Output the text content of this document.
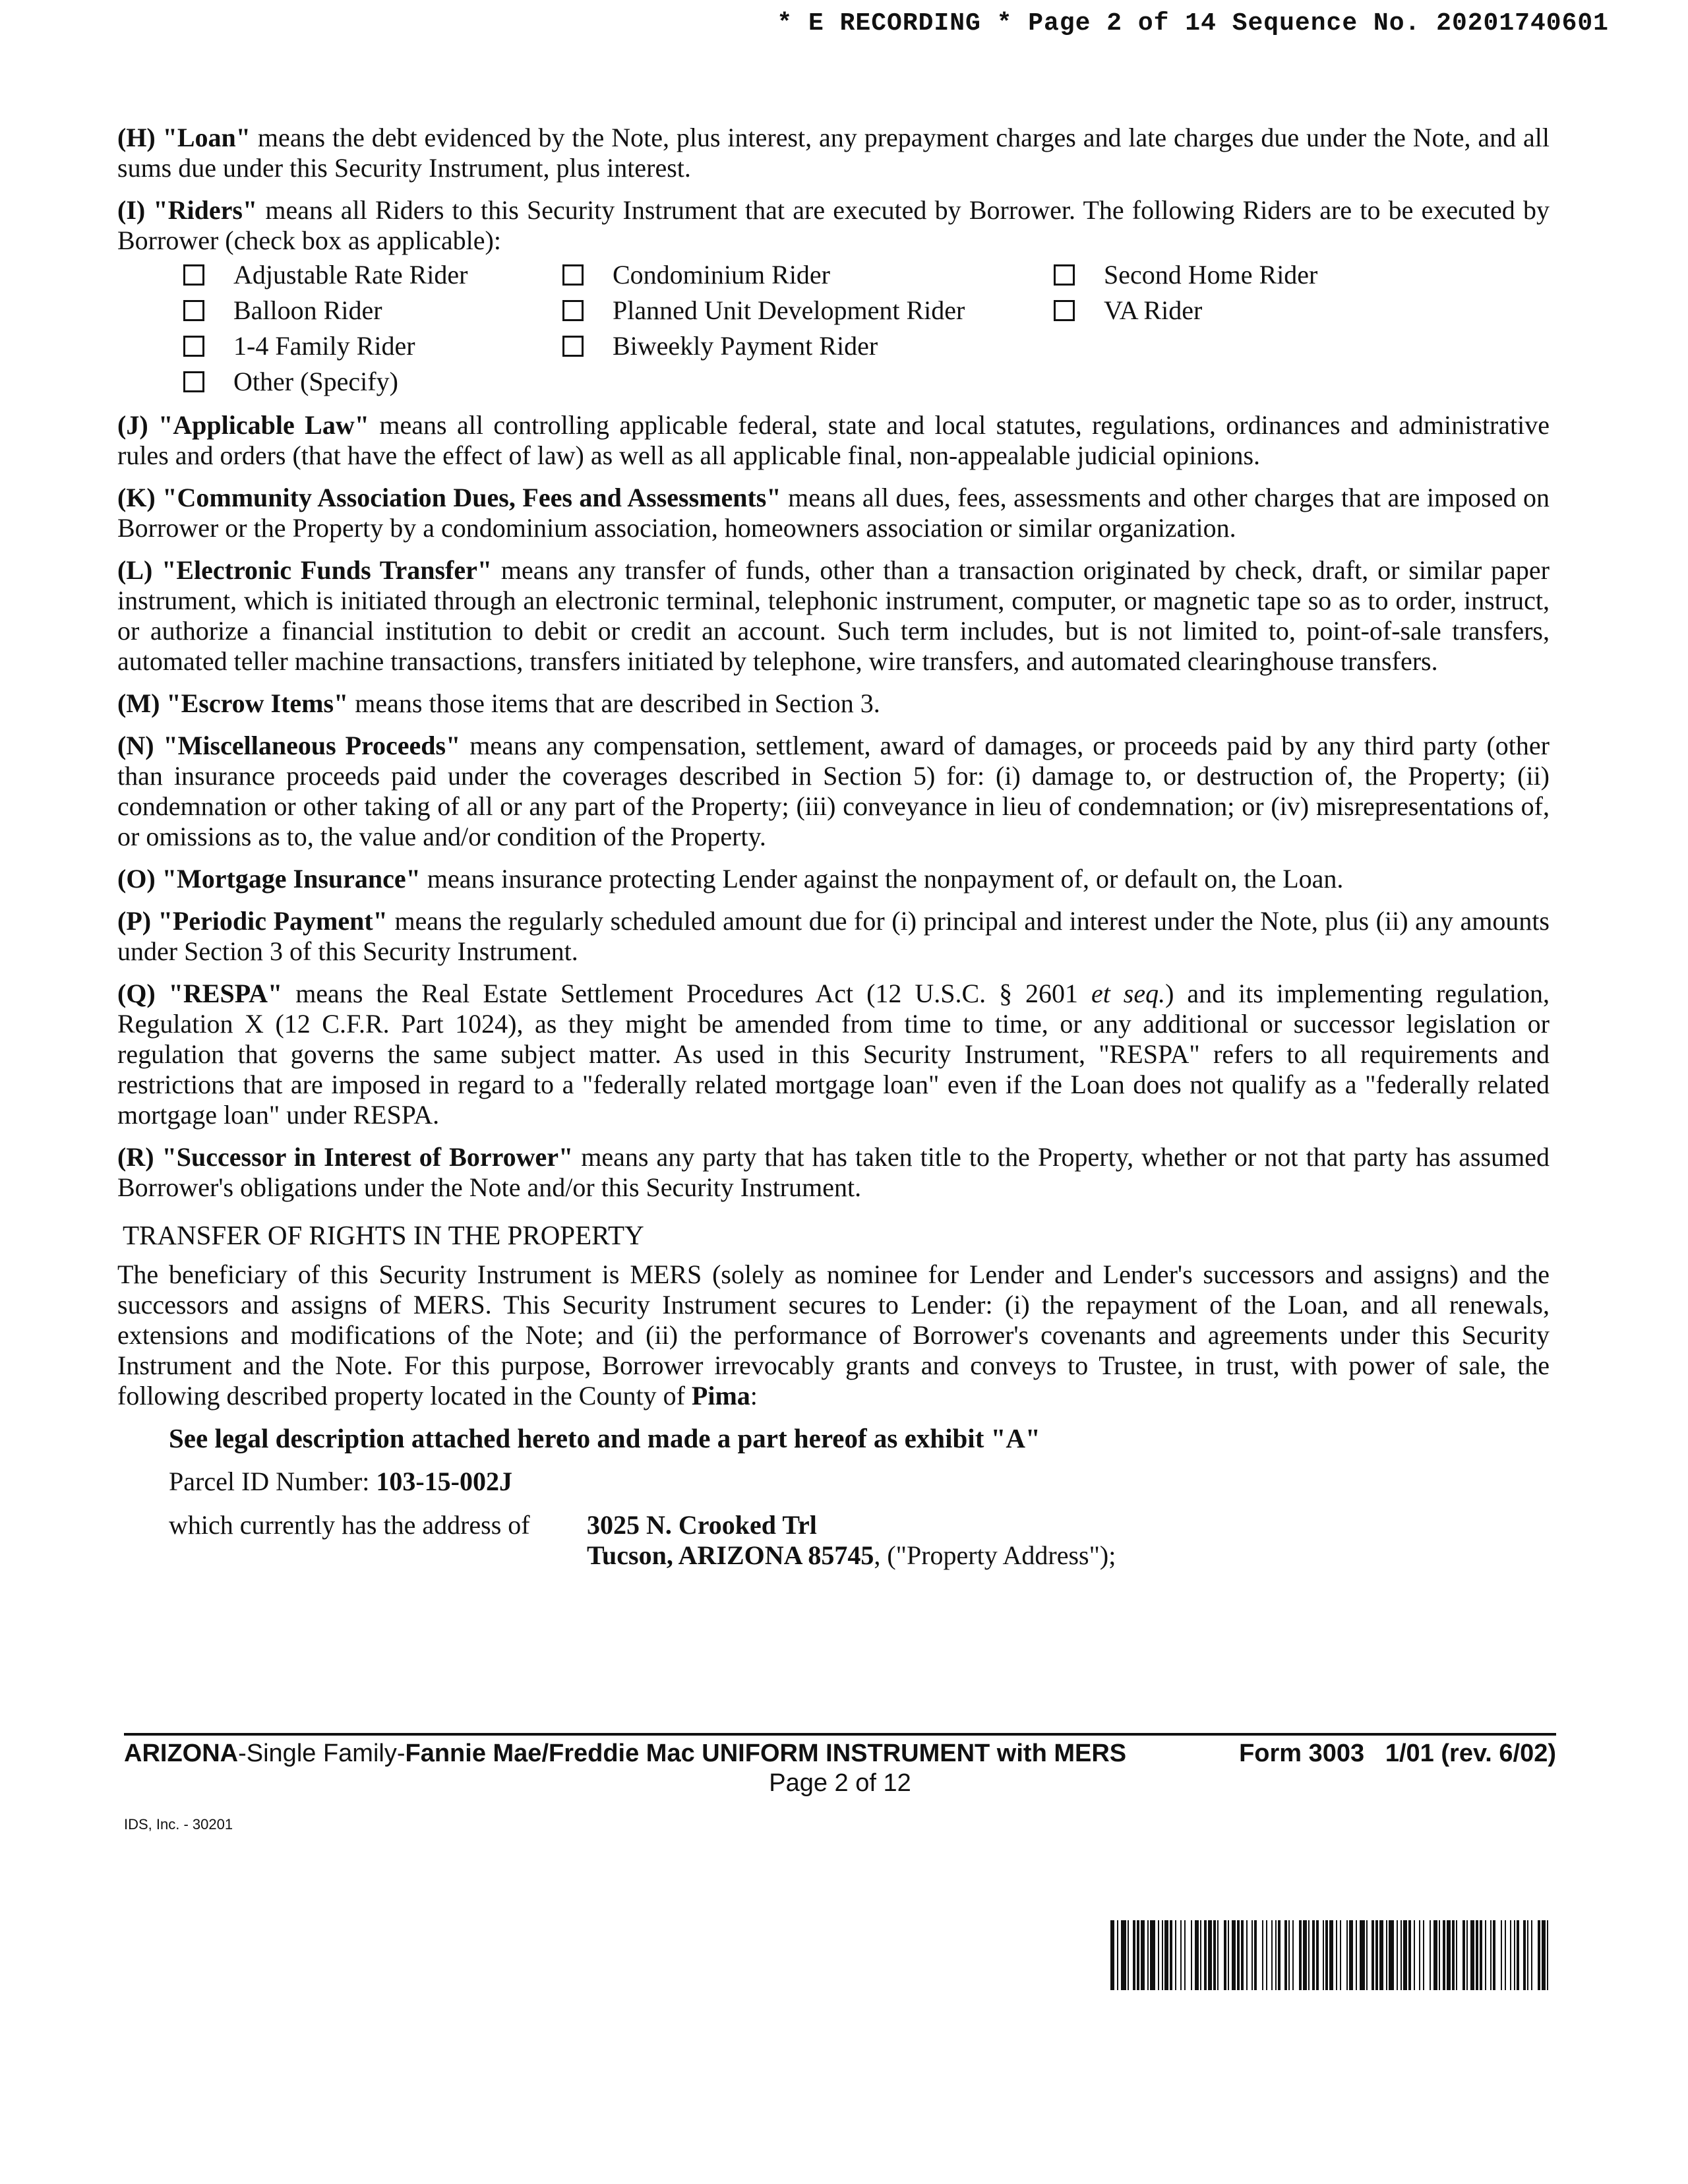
* E RECORDING * Page 2 of 14 Sequence No. 20201740601

(H) "Loan" means the debt evidenced by the Note, plus interest, any prepayment charges and late charges due under the Note, and all sums due under this Security Instrument, plus interest.

(I) "Riders" means all Riders to this Security Instrument that are executed by Borrower. The following Riders are to be executed by Borrower (check box as applicable):

Adjustable Rate Rider	Condominium Rider	Second Home Rider
Balloon Rider	Planned Unit Development Rider	VA Rider
1-4 Family Rider	Biweekly Payment Rider
Other (Specify)

(J) "Applicable Law" means all controlling applicable federal, state and local statutes, regulations, ordinances and administrative rules and orders (that have the effect of law) as well as all applicable final, non-appealable judicial opinions.

(K) "Community Association Dues, Fees and Assessments" means all dues, fees, assessments and other charges that are imposed on Borrower or the Property by a condominium association, homeowners association or similar organization.

(L) "Electronic Funds Transfer" means any transfer of funds, other than a transaction originated by check, draft, or similar paper instrument, which is initiated through an electronic terminal, telephonic instrument, computer, or magnetic tape so as to order, instruct, or authorize a financial institution to debit or credit an account. Such term includes, but is not limited to, point-of-sale transfers, automated teller machine transactions, transfers initiated by telephone, wire transfers, and automated clearinghouse transfers.

(M) "Escrow Items" means those items that are described in Section 3.

(N) "Miscellaneous Proceeds" means any compensation, settlement, award of damages, or proceeds paid by any third party (other than insurance proceeds paid under the coverages described in Section 5) for: (i) damage to, or destruction of, the Property; (ii) condemnation or other taking of all or any part of the Property; (iii) conveyance in lieu of condemnation; or (iv) misrepresentations of, or omissions as to, the value and/or condition of the Property.

(O) "Mortgage Insurance" means insurance protecting Lender against the nonpayment of, or default on, the Loan.

(P) "Periodic Payment" means the regularly scheduled amount due for (i) principal and interest under the Note, plus (ii) any amounts under Section 3 of this Security Instrument.

(Q) "RESPA" means the Real Estate Settlement Procedures Act (12 U.S.C. § 2601 et seq.) and its implementing regulation, Regulation X (12 C.F.R. Part 1024), as they might be amended from time to time, or any additional or successor legislation or regulation that governs the same subject matter. As used in this Security Instrument, "RESPA" refers to all requirements and restrictions that are imposed in regard to a "federally related mortgage loan" even if the Loan does not qualify as a "federally related mortgage loan" under RESPA.

(R) "Successor in Interest of Borrower" means any party that has taken title to the Property, whether or not that party has assumed Borrower's obligations under the Note and/or this Security Instrument.

TRANSFER OF RIGHTS IN THE PROPERTY

The beneficiary of this Security Instrument is MERS (solely as nominee for Lender and Lender's successors and assigns) and the successors and assigns of MERS. This Security Instrument secures to Lender: (i) the repayment of the Loan, and all renewals, extensions and modifications of the Note; and (ii) the performance of Borrower's covenants and agreements under this Security Instrument and the Note. For this purpose, Borrower irrevocably grants and conveys to Trustee, in trust, with power of sale, the following described property located in the County of Pima:

See legal description attached hereto and made a part hereof as exhibit "A"
Parcel ID Number: 103-15-002J
which currently has the address of	3025 N. Crooked Trl
Tucson, ARIZONA 85745, ("Property Address");
ARIZONA-Single Family-Fannie Mae/Freddie Mac UNIFORM INSTRUMENT with MERS	Form 3003   1/01 (rev. 6/02)
Page 2 of 12
IDS, Inc. - 30201
